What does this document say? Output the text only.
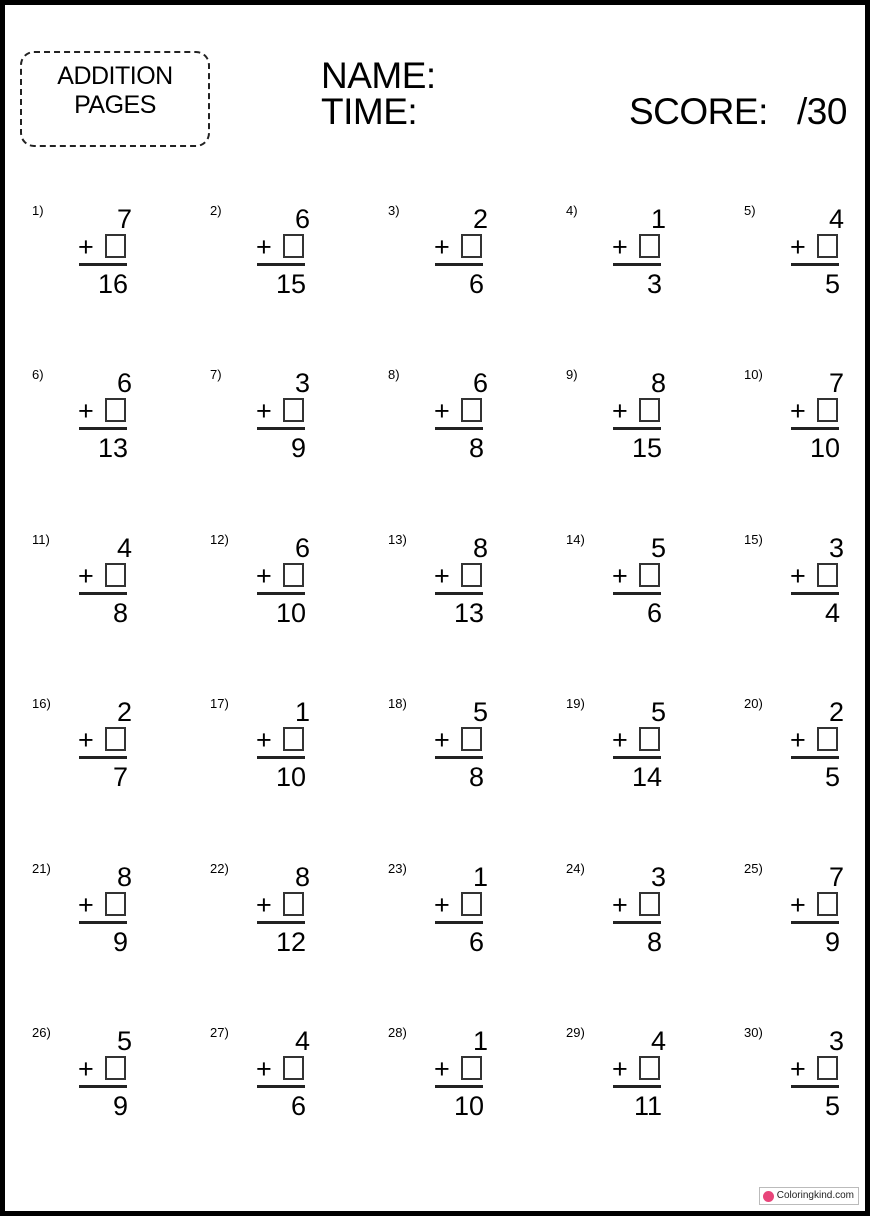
ADDITION
PAGES
NAME:
TIME:	SCORE: /30
1)	7
+
16
2)	6
+
15
3)	2
+
6
4)	1
+
3
5)	4
+
5
6)	6
+
13
7)	3
+
9
8)	6
+
8
9)	8
+
15
10)	7
+
10
11)	4
+
8
12)	6
+
10
13)	8
+
13
14)	5
+
6
15)	3
+
4
16)	2
+
7
17)	1
+
10
18)	5
+
8
19)	5
+
14
20)	2
+
5
21)	8
+
9
22)	8
+
12
23)	1
+
6
24)	3
+
8
25)	7
+
9
26)	5
+
9
27)	4
+
6
28)	1
+
10
29)	4
+
11
30)	3
+
5
Coloringkind.com
